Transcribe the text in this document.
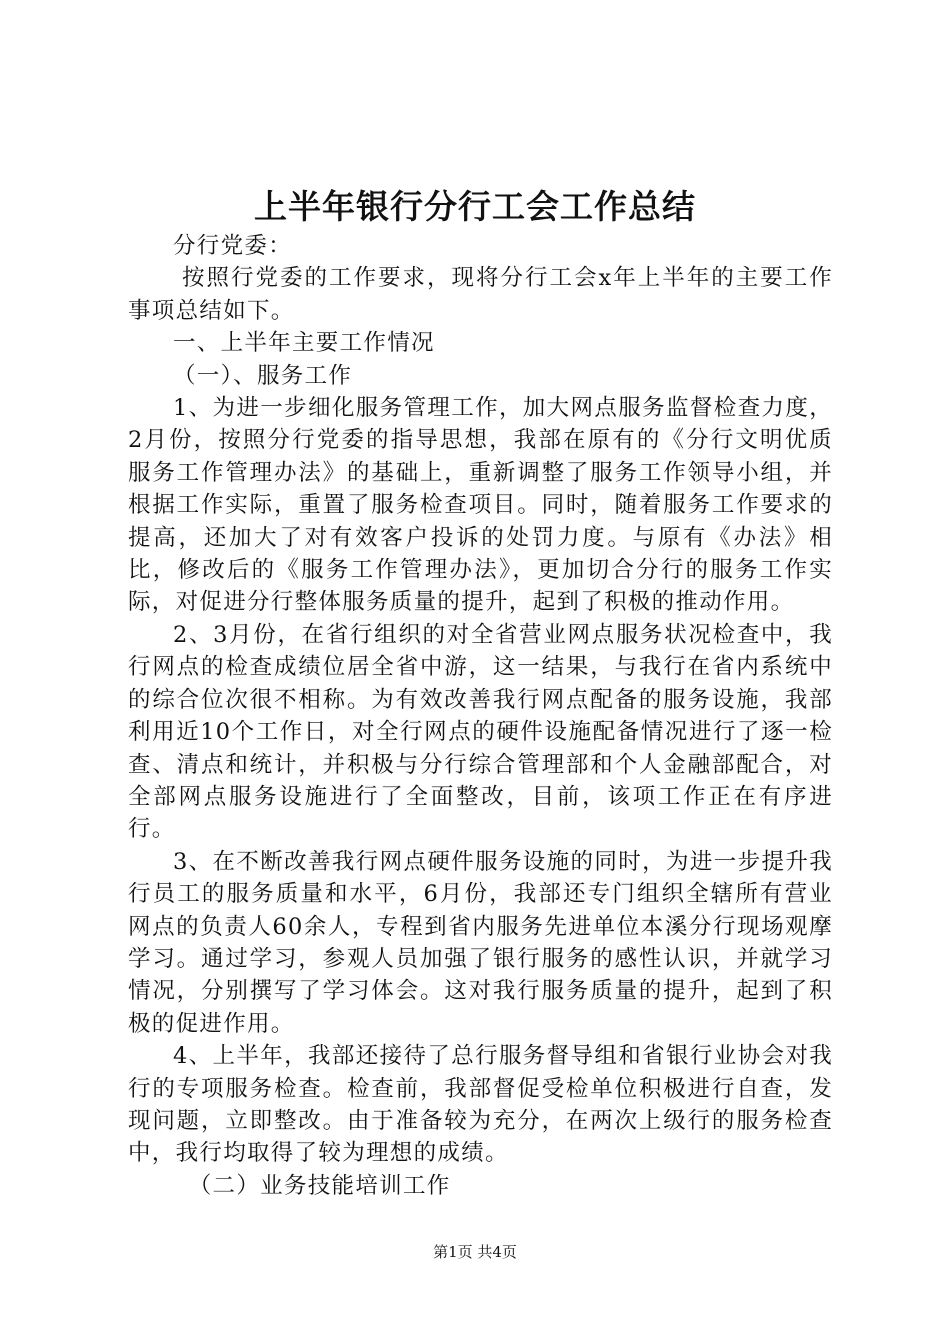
上半年银行分行工会工作总结

分行党委：

按照行党委的工作要求，现将分行工会x年上半年的主要工作事项总结如下。

一、上半年主要工作情况

（一）、服务工作

1、为进一步细化服务管理工作，加大网点服务监督检查力度，2月份，按照分行党委的指导思想，我部在原有的《分行文明优质服务工作管理办法》的基础上，重新调整了服务工作领导小组，并根据工作实际，重置了服务检查项目。同时，随着服务工作要求的提高，还加大了对有效客户投诉的处罚力度。与原有《办法》相比，修改后的《服务工作管理办法》，更加切合分行的服务工作实际，对促进分行整体服务质量的提升，起到了积极的推动作用。

2、3月份，在省行组织的对全省营业网点服务状况检查中，我行网点的检查成绩位居全省中游，这一结果，与我行在省内系统中的综合位次很不相称。为有效改善我行网点配备的服务设施，我部利用近10个工作日，对全行网点的硬件设施配备情况进行了逐一检查、清点和统计，并积极与分行综合管理部和个人金融部配合，对全部网点服务设施进行了全面整改，目前，该项工作正在有序进行。

3、在不断改善我行网点硬件服务设施的同时，为进一步提升我行员工的服务质量和水平，6月份，我部还专门组织全辖所有营业网点的负责人60余人，专程到省内服务先进单位本溪分行现场观摩学习。通过学习，参观人员加强了银行服务的感性认识，并就学习情况，分别撰写了学习体会。这对我行服务质量的提升，起到了积极的促进作用。

4、上半年，我部还接待了总行服务督导组和省银行业协会对我行的专项服务检查。检查前，我部督促受检单位积极进行自查，发现问题，立即整改。由于准备较为充分，在两次上级行的服务检查中，我行均取得了较为理想的成绩。

（二）业务技能培训工作

第1页 共4页
